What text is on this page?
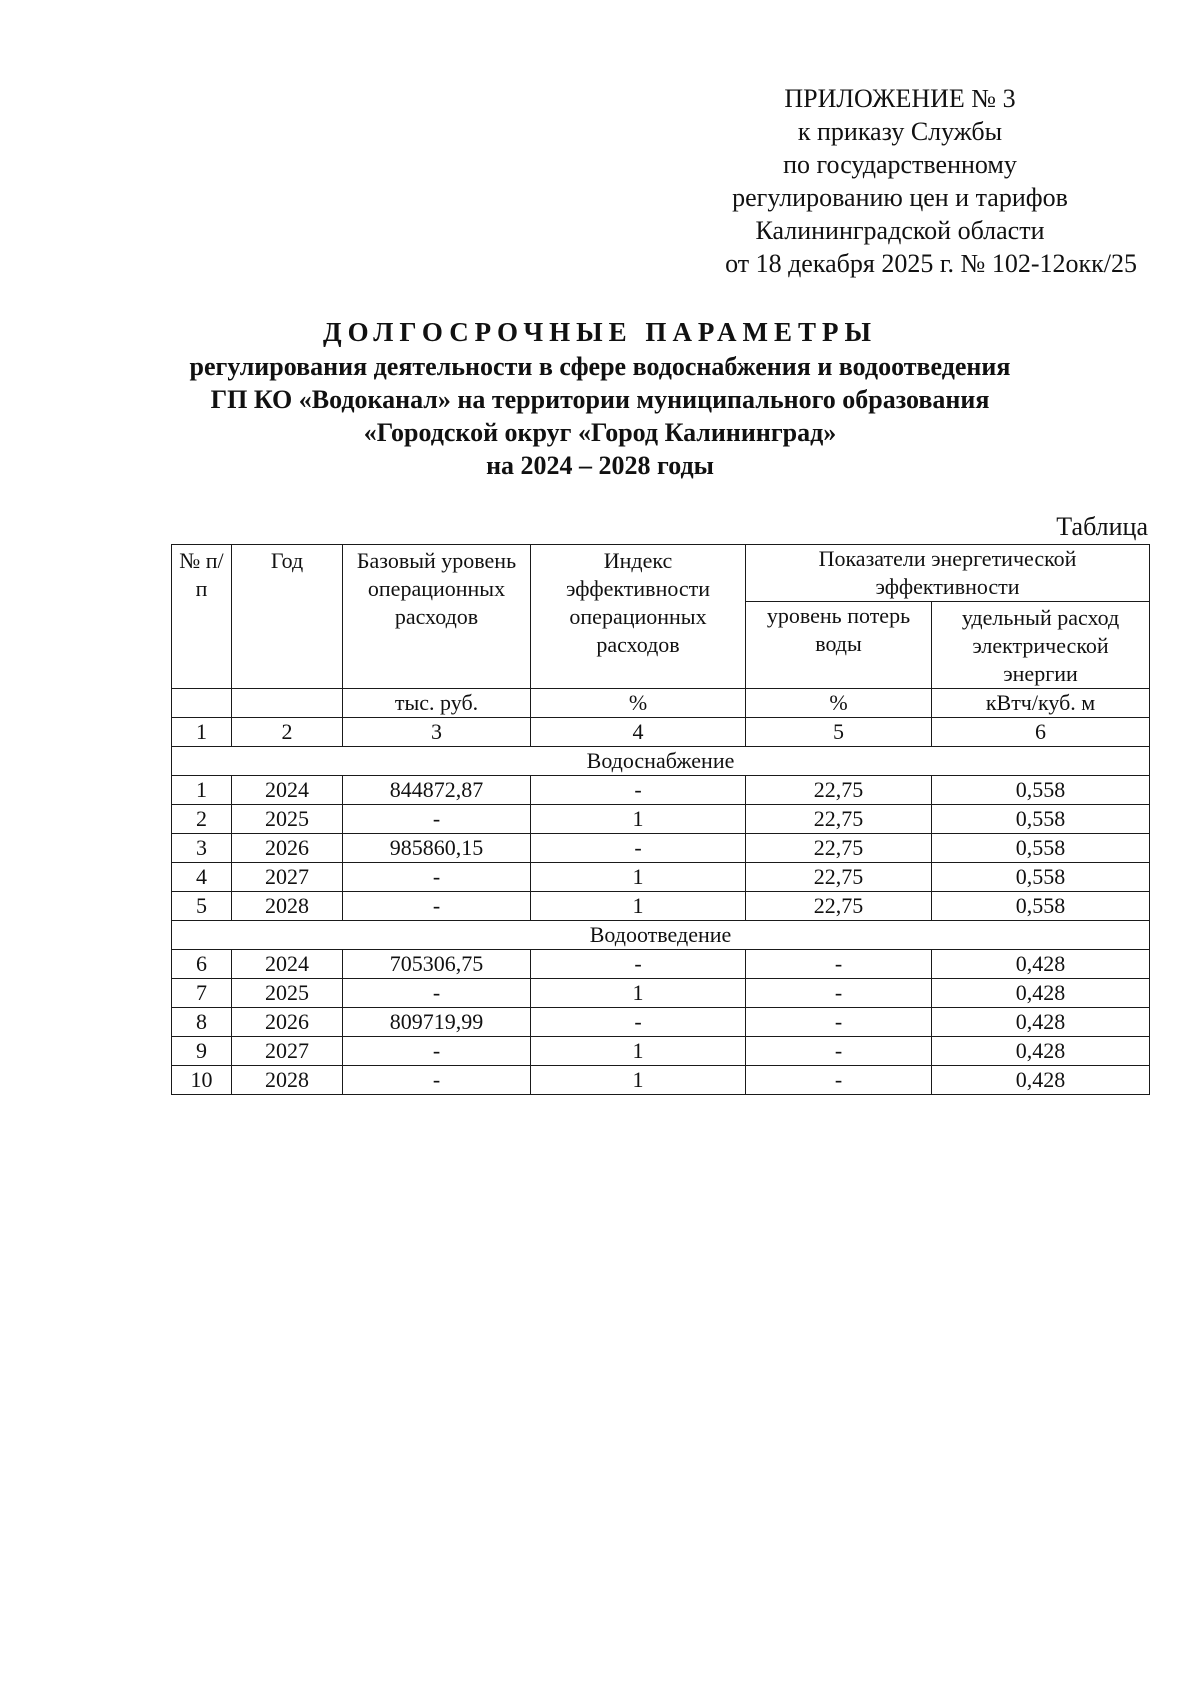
ПРИЛОЖЕНИЕ № 3
к приказу Службы
по государственному
регулированию цен и тарифов
Калининградской области
от 18 декабря 2025 г. № 102-12окк/25
ДОЛГОСРОЧНЫЕ ПАРАМЕТРЫ
регулирования деятельности в сфере водоснабжения и водоотведения
ГП КО «Водоканал» на территории муниципального образования
«Городской округ «Город Калининград»
на 2024 – 2028 годы
Таблица
№ п/п	Год	Базовый уровень операционных расходов	Индекс эффективности операционных расходов	Показатели энергетической эффективности	

				уровень потерь воды	удельный расход электрической энергии

		тыс. руб.	%	%	кВтч/куб. м
1	2	3	4	5	6
Водоснабжение					
1	2024	844872,87	-	22,75	0,558
2	2025	-	1	22,75	0,558
3	2026	985860,15	-	22,75	0,558
4	2027	-	1	22,75	0,558
5	2028	-	1	22,75	0,558
Водоотведение					
6	2024	705306,75	-	-	0,428
7	2025	-	1	-	0,428
8	2026	809719,99	-	-	0,428
9	2027	-	1	-	0,428
10	2028	-	1	-	0,428
